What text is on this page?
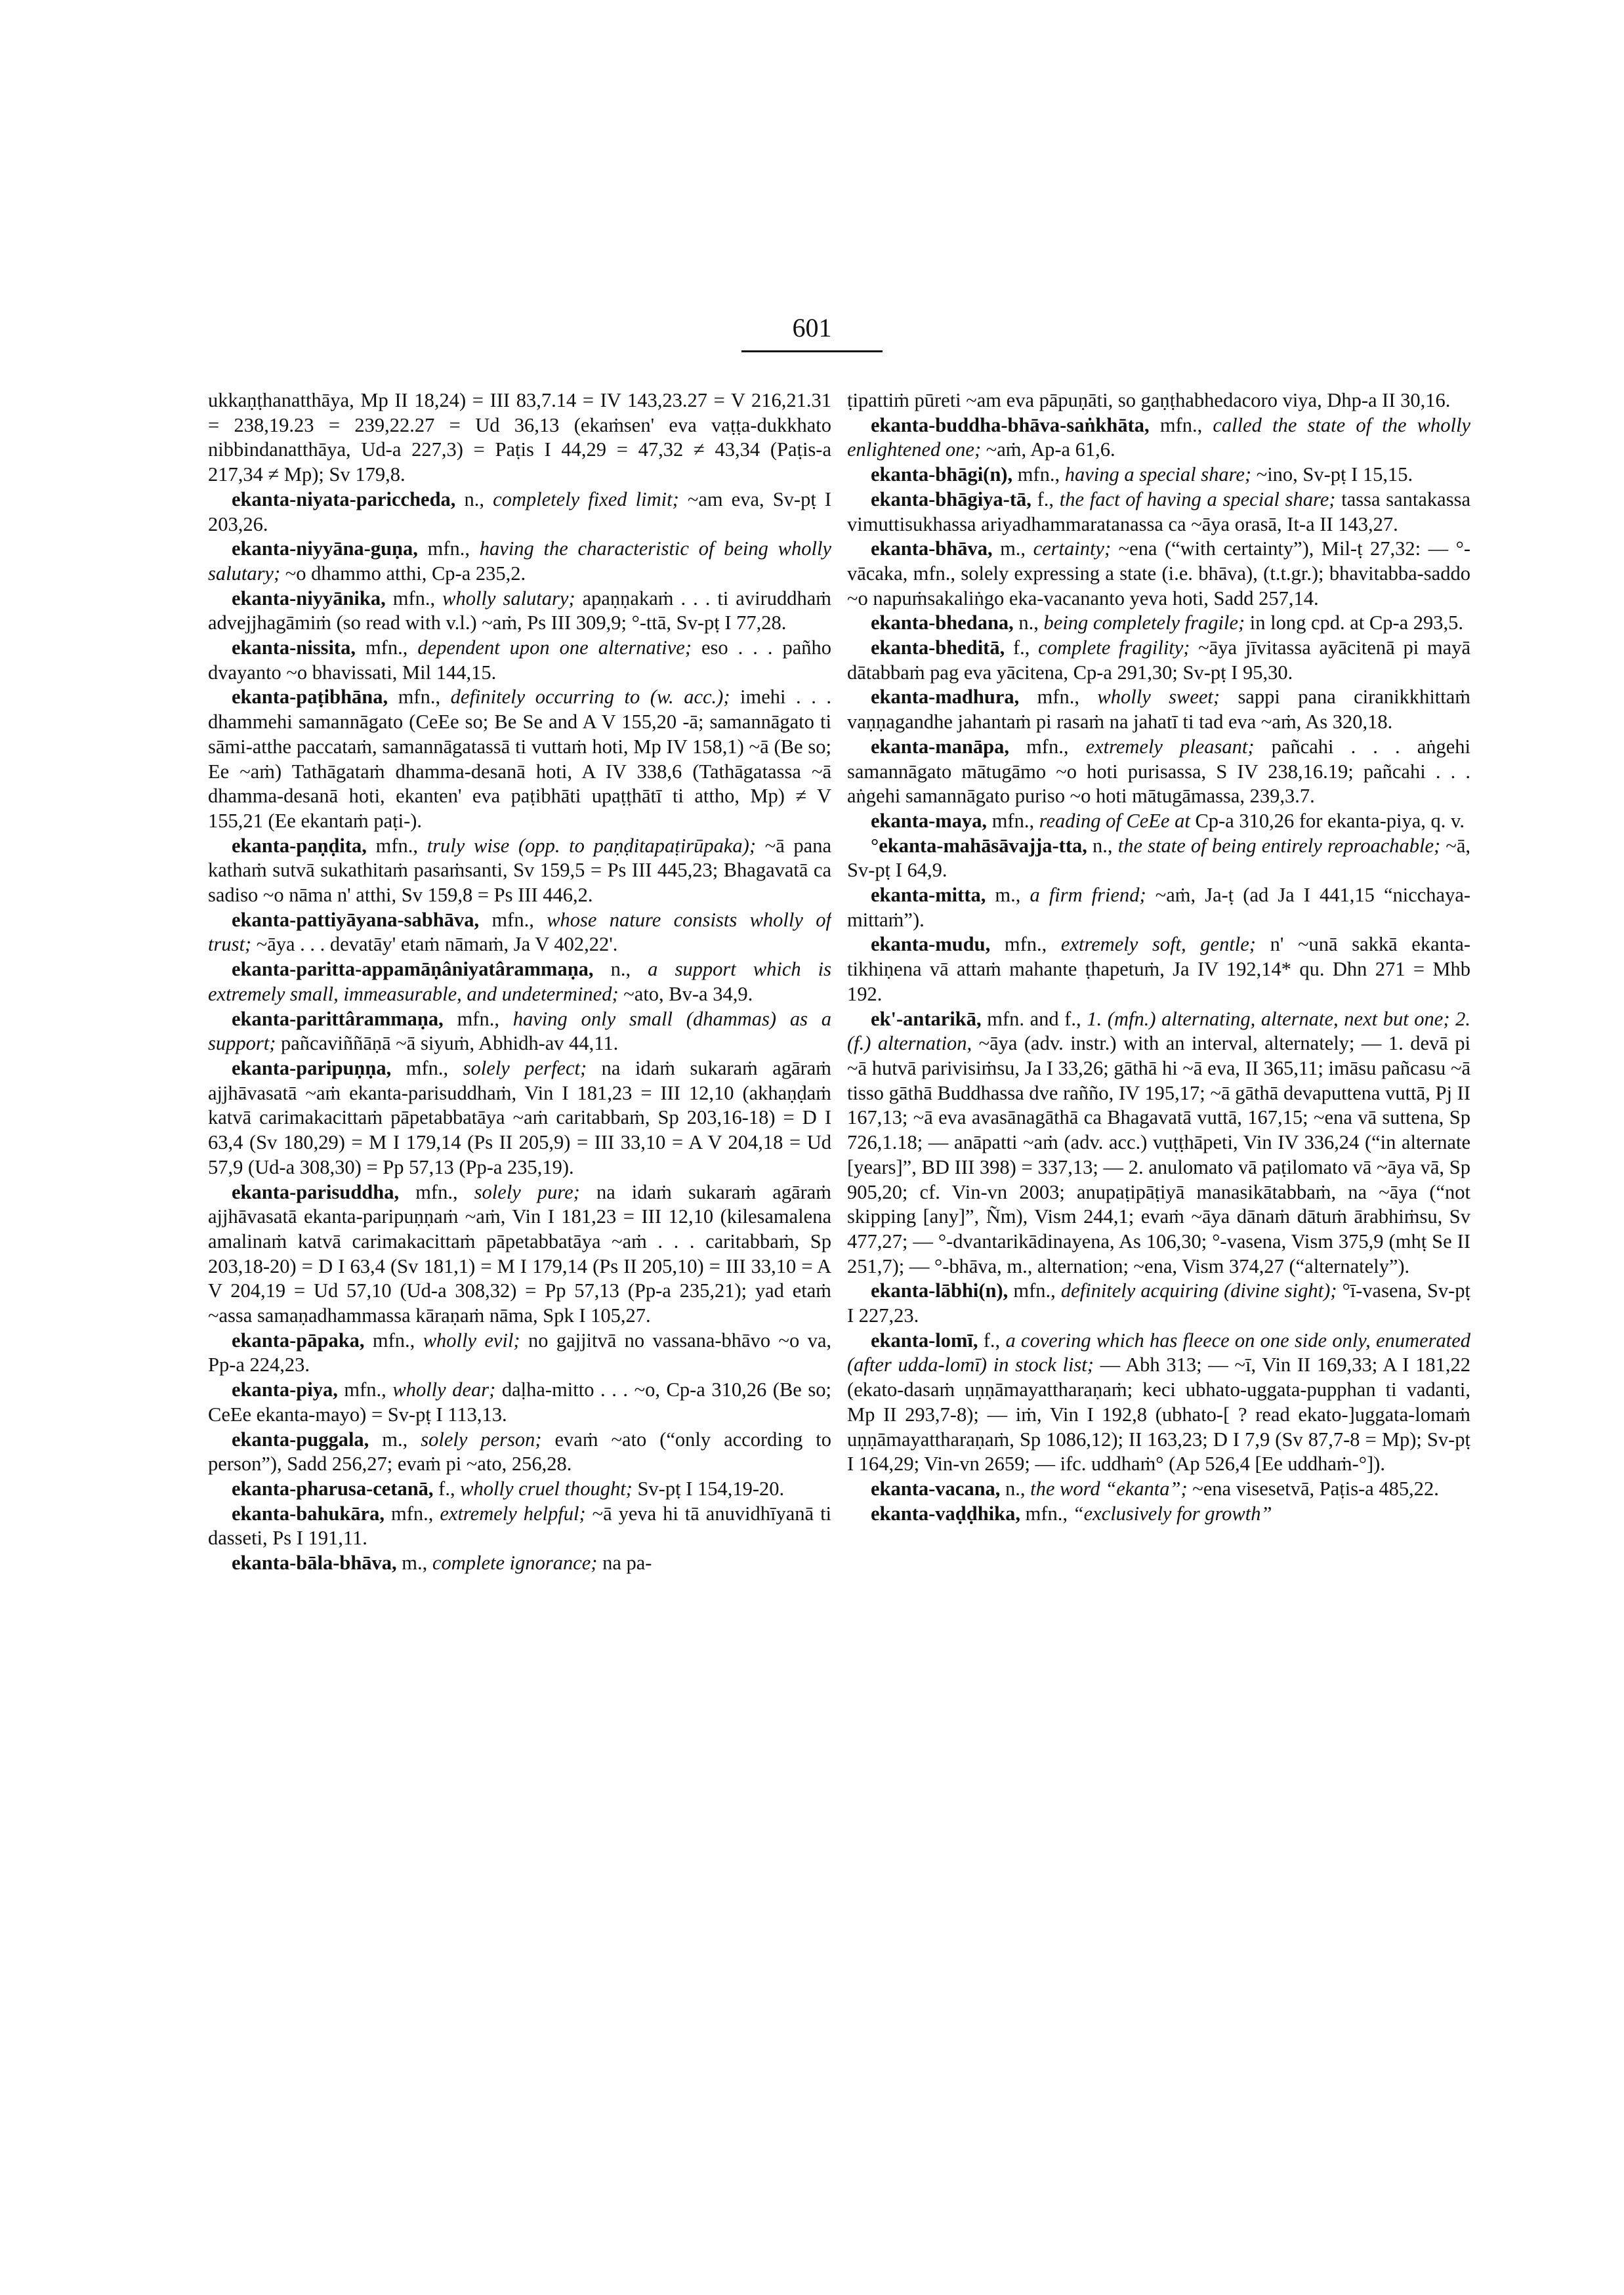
601

ukkaṇṭhanatthāya, Mp II 18,24) = III 83,7.14 = IV 143,23.27 = V 216,21.31 = 238,19.23 = 239,22.27 = Ud 36,13 (ekaṁsen' eva vaṭṭa-dukkhato nibbindanatthāya, Ud-a 227,3) = Paṭis I 44,29 = 47,32 ≠ 43,34 (Paṭis-a 217,34 ≠ Mp); Sv 179,8.

ekanta-niyata-pariccheda, n., completely fixed limit; ~am eva, Sv-pṭ I 203,26.

ekanta-niyyāna-guṇa, mfn., having the characteristic of being wholly salutary; ~o dhammo atthi, Cp-a 235,2.

ekanta-niyyānika, mfn., wholly salutary; apaṇṇakaṁ . . . ti aviruddhaṁ advejjhagāmiṁ (so read with v.l.) ~aṁ, Ps III 309,9; °-ttā, Sv-pṭ I 77,28.

ekanta-nissita, mfn., dependent upon one alternative; eso . . . pañho dvayanto ~o bhavissati, Mil 144,15.

ekanta-paṭibhāna, mfn., definitely occurring to (w. acc.); imehi . . . dhammehi samannāgato (CeEe so; Be Se and A V 155,20 -ā; samannāgato ti sāmi-atthe paccataṁ, samannāgatassā ti vuttaṁ hoti, Mp IV 158,1) ~ā (Be so; Ee ~aṁ) Tathāgataṁ dhamma-desanā hoti, A IV 338,6 (Tathāgatassa ~ā dhamma-desanā hoti, ekanten' eva paṭibhāti upaṭṭhātī ti attho, Mp) ≠ V 155,21 (Ee ekantaṁ paṭi-).

ekanta-paṇḍita, mfn., truly wise (opp. to paṇḍitapaṭirūpaka); ~ā pana kathaṁ sutvā sukathitaṁ pasaṁsanti, Sv 159,5 = Ps III 445,23; Bhagavatā ca sadiso ~o nāma n' atthi, Sv 159,8 = Ps III 446,2.

ekanta-pattiyāyana-sabhāva, mfn., whose nature consists wholly of trust; ~āya . . . devatāy' etaṁ nāmaṁ, Ja V 402,22'.

ekanta-paritta-appamāṇâniyatârammaṇa, n., a support which is extremely small, immeasurable, and undetermined; ~ato, Bv-a 34,9.

ekanta-parittârammaṇa, mfn., having only small (dhammas) as a support; pañcaviññāṇā ~ā siyuṁ, Abhidh-av 44,11.

ekanta-paripuṇṇa, mfn., solely perfect; na idaṁ sukaraṁ agāraṁ ajjhāvasatā ~aṁ ekanta-parisuddhaṁ, Vin I 181,23 = III 12,10 (akhaṇḍaṁ katvā carimakacittaṁ pāpetabbatāya ~aṁ caritabbaṁ, Sp 203,16-18) = D I 63,4 (Sv 180,29) = M I 179,14 (Ps II 205,9) = III 33,10 = A V 204,18 = Ud 57,9 (Ud-a 308,30) = Pp 57,13 (Pp-a 235,19).

ekanta-parisuddha, mfn., solely pure; na idaṁ sukaraṁ agāraṁ ajjhāvasatā ekanta-paripuṇṇaṁ ~aṁ, Vin I 181,23 = III 12,10 (kilesamalena amalinaṁ katvā carimakacittaṁ pāpetabbatāya ~aṁ . . . caritabbaṁ, Sp 203,18-20) = D I 63,4 (Sv 181,1) = M I 179,14 (Ps II 205,10) = III 33,10 = A V 204,19 = Ud 57,10 (Ud-a 308,32) = Pp 57,13 (Pp-a 235,21); yad etaṁ ~assa samaṇadhammassa kāraṇaṁ nāma, Spk I 105,27.

ekanta-pāpaka, mfn., wholly evil; no gajjitvā no vassana-bhāvo ~o va, Pp-a 224,23.

ekanta-piya, mfn., wholly dear; daḷha-mitto . . . ~o, Cp-a 310,26 (Be so; CeEe ekanta-mayo) = Sv-pṭ I 113,13.

ekanta-puggala, m., solely person; evaṁ ~ato (“only according to person”), Sadd 256,27; evaṁ pi ~ato, 256,28.

ekanta-pharusa-cetanā, f., wholly cruel thought; Sv-pṭ I 154,19-20.

ekanta-bahukāra, mfn., extremely helpful; ~ā yeva hi tā anuvidhīyanā ti dasseti, Ps I 191,11.

ekanta-bāla-bhāva, m., complete ignorance; na pa-

ṭipattiṁ pūreti ~am eva pāpuṇāti, so gaṇṭhabhedacoro viya, Dhp-a II 30,16.

ekanta-buddha-bhāva-saṅkhāta, mfn., called the state of the wholly enlightened one; ~aṁ, Ap-a 61,6.

ekanta-bhāgi(n), mfn., having a special share; ~ino, Sv-pṭ I 15,15.

ekanta-bhāgiya-tā, f., the fact of having a special share; tassa santakassa vimuttisukhassa ariyadhammaratanassa ca ~āya orasā, It-a II 143,27.

ekanta-bhāva, m., certainty; ~ena (“with certainty”), Mil-ṭ 27,32: — °-vācaka, mfn., solely expressing a state (i.e. bhāva), (t.t.gr.); bhavitabba-saddo ~o napuṁsakaliṅgo eka-vacananto yeva hoti, Sadd 257,14.

ekanta-bhedana, n., being completely fragile; in long cpd. at Cp-a 293,5.

ekanta-bheditā, f., complete fragility; ~āya jīvitassa ayācitenā pi mayā dātabbaṁ pag eva yācitena, Cp-a 291,30; Sv-pṭ I 95,30.

ekanta-madhura, mfn., wholly sweet; sappi pana ciranikkhittaṁ vaṇṇagandhe jahantaṁ pi rasaṁ na jahatī ti tad eva ~aṁ, As 320,18.

ekanta-manāpa, mfn., extremely pleasant; pañcahi . . . aṅgehi samannāgato mātugāmo ~o hoti purisassa, S IV 238,16.19; pañcahi . . . aṅgehi samannāgato puriso ~o hoti mātugāmassa, 239,3.7.

ekanta-maya, mfn., reading of CeEe at Cp-a 310,26 for ekanta-piya, q. v.

°ekanta-mahāsāvajja-tta, n., the state of being entirely reproachable; ~ā, Sv-pṭ I 64,9.

ekanta-mitta, m., a firm friend; ~aṁ, Ja-ṭ (ad Ja I 441,15 “nicchaya-mittaṁ”).

ekanta-mudu, mfn., extremely soft, gentle; n' ~unā sakkā ekanta-tikhiṇena vā attaṁ mahante ṭhapetuṁ, Ja IV 192,14* qu. Dhn 271 = Mhb 192.

ek'-antarikā, mfn. and f., 1. (mfn.) alternating, alternate, next but one; 2. (f.) alternation, ~āya (adv. instr.) with an interval, alternately; — 1. devā pi ~ā hutvā parivisiṁsu, Ja I 33,26; gāthā hi ~ā eva, II 365,11; imāsu pañcasu ~ā tisso gāthā Buddhassa dve rañño, IV 195,17; ~ā gāthā devaputtena vuttā, Pj II 167,13; ~ā eva avasānagāthā ca Bhagavatā vuttā, 167,15; ~ena vā suttena, Sp 726,1.18; — anāpatti ~aṁ (adv. acc.) vuṭṭhāpeti, Vin IV 336,24 (“in alternate [years]”, BD III 398) = 337,13; — 2. anulomato vā paṭilomato vā ~āya vā, Sp 905,20; cf. Vin-vn 2003; anupaṭipāṭiyā manasikātabbaṁ, na ~āya (“not skipping [any]”, Ñm), Vism 244,1; evaṁ ~āya dānaṁ dātuṁ ārabhiṁsu, Sv 477,27; — °-dvantarikādinayena, As 106,30; °-vasena, Vism 375,9 (mhṭ Se II 251,7); — °-bhāva, m., alternation; ~ena, Vism 374,27 (“alternately”).

ekanta-lābhi(n), mfn., definitely acquiring (divine sight); °ī-vasena, Sv-pṭ I 227,23.

ekanta-lomī, f., a covering which has fleece on one side only, enumerated (after udda-lomī) in stock list; — Abh 313; — ~ī, Vin II 169,33; A I 181,22 (ekato-dasaṁ uṇṇāmayattharaṇaṁ; keci ubhato-uggata-pupphan ti vadanti, Mp II 293,7-8); — iṁ, Vin I 192,8 (ubhato-[ ? read ekato-]uggata-lomaṁ uṇṇāmayattharaṇaṁ, Sp 1086,12); II 163,23; D I 7,9 (Sv 87,7-8 = Mp); Sv-pṭ I 164,29; Vin-vn 2659; — ifc. uddhaṁ° (Ap 526,4 [Ee uddhaṁ-°]).

ekanta-vacana, n., the word “ekanta”; ~ena visesetvā, Paṭis-a 485,22.

ekanta-vaḍḍhika, mfn., “exclusively for growth”
